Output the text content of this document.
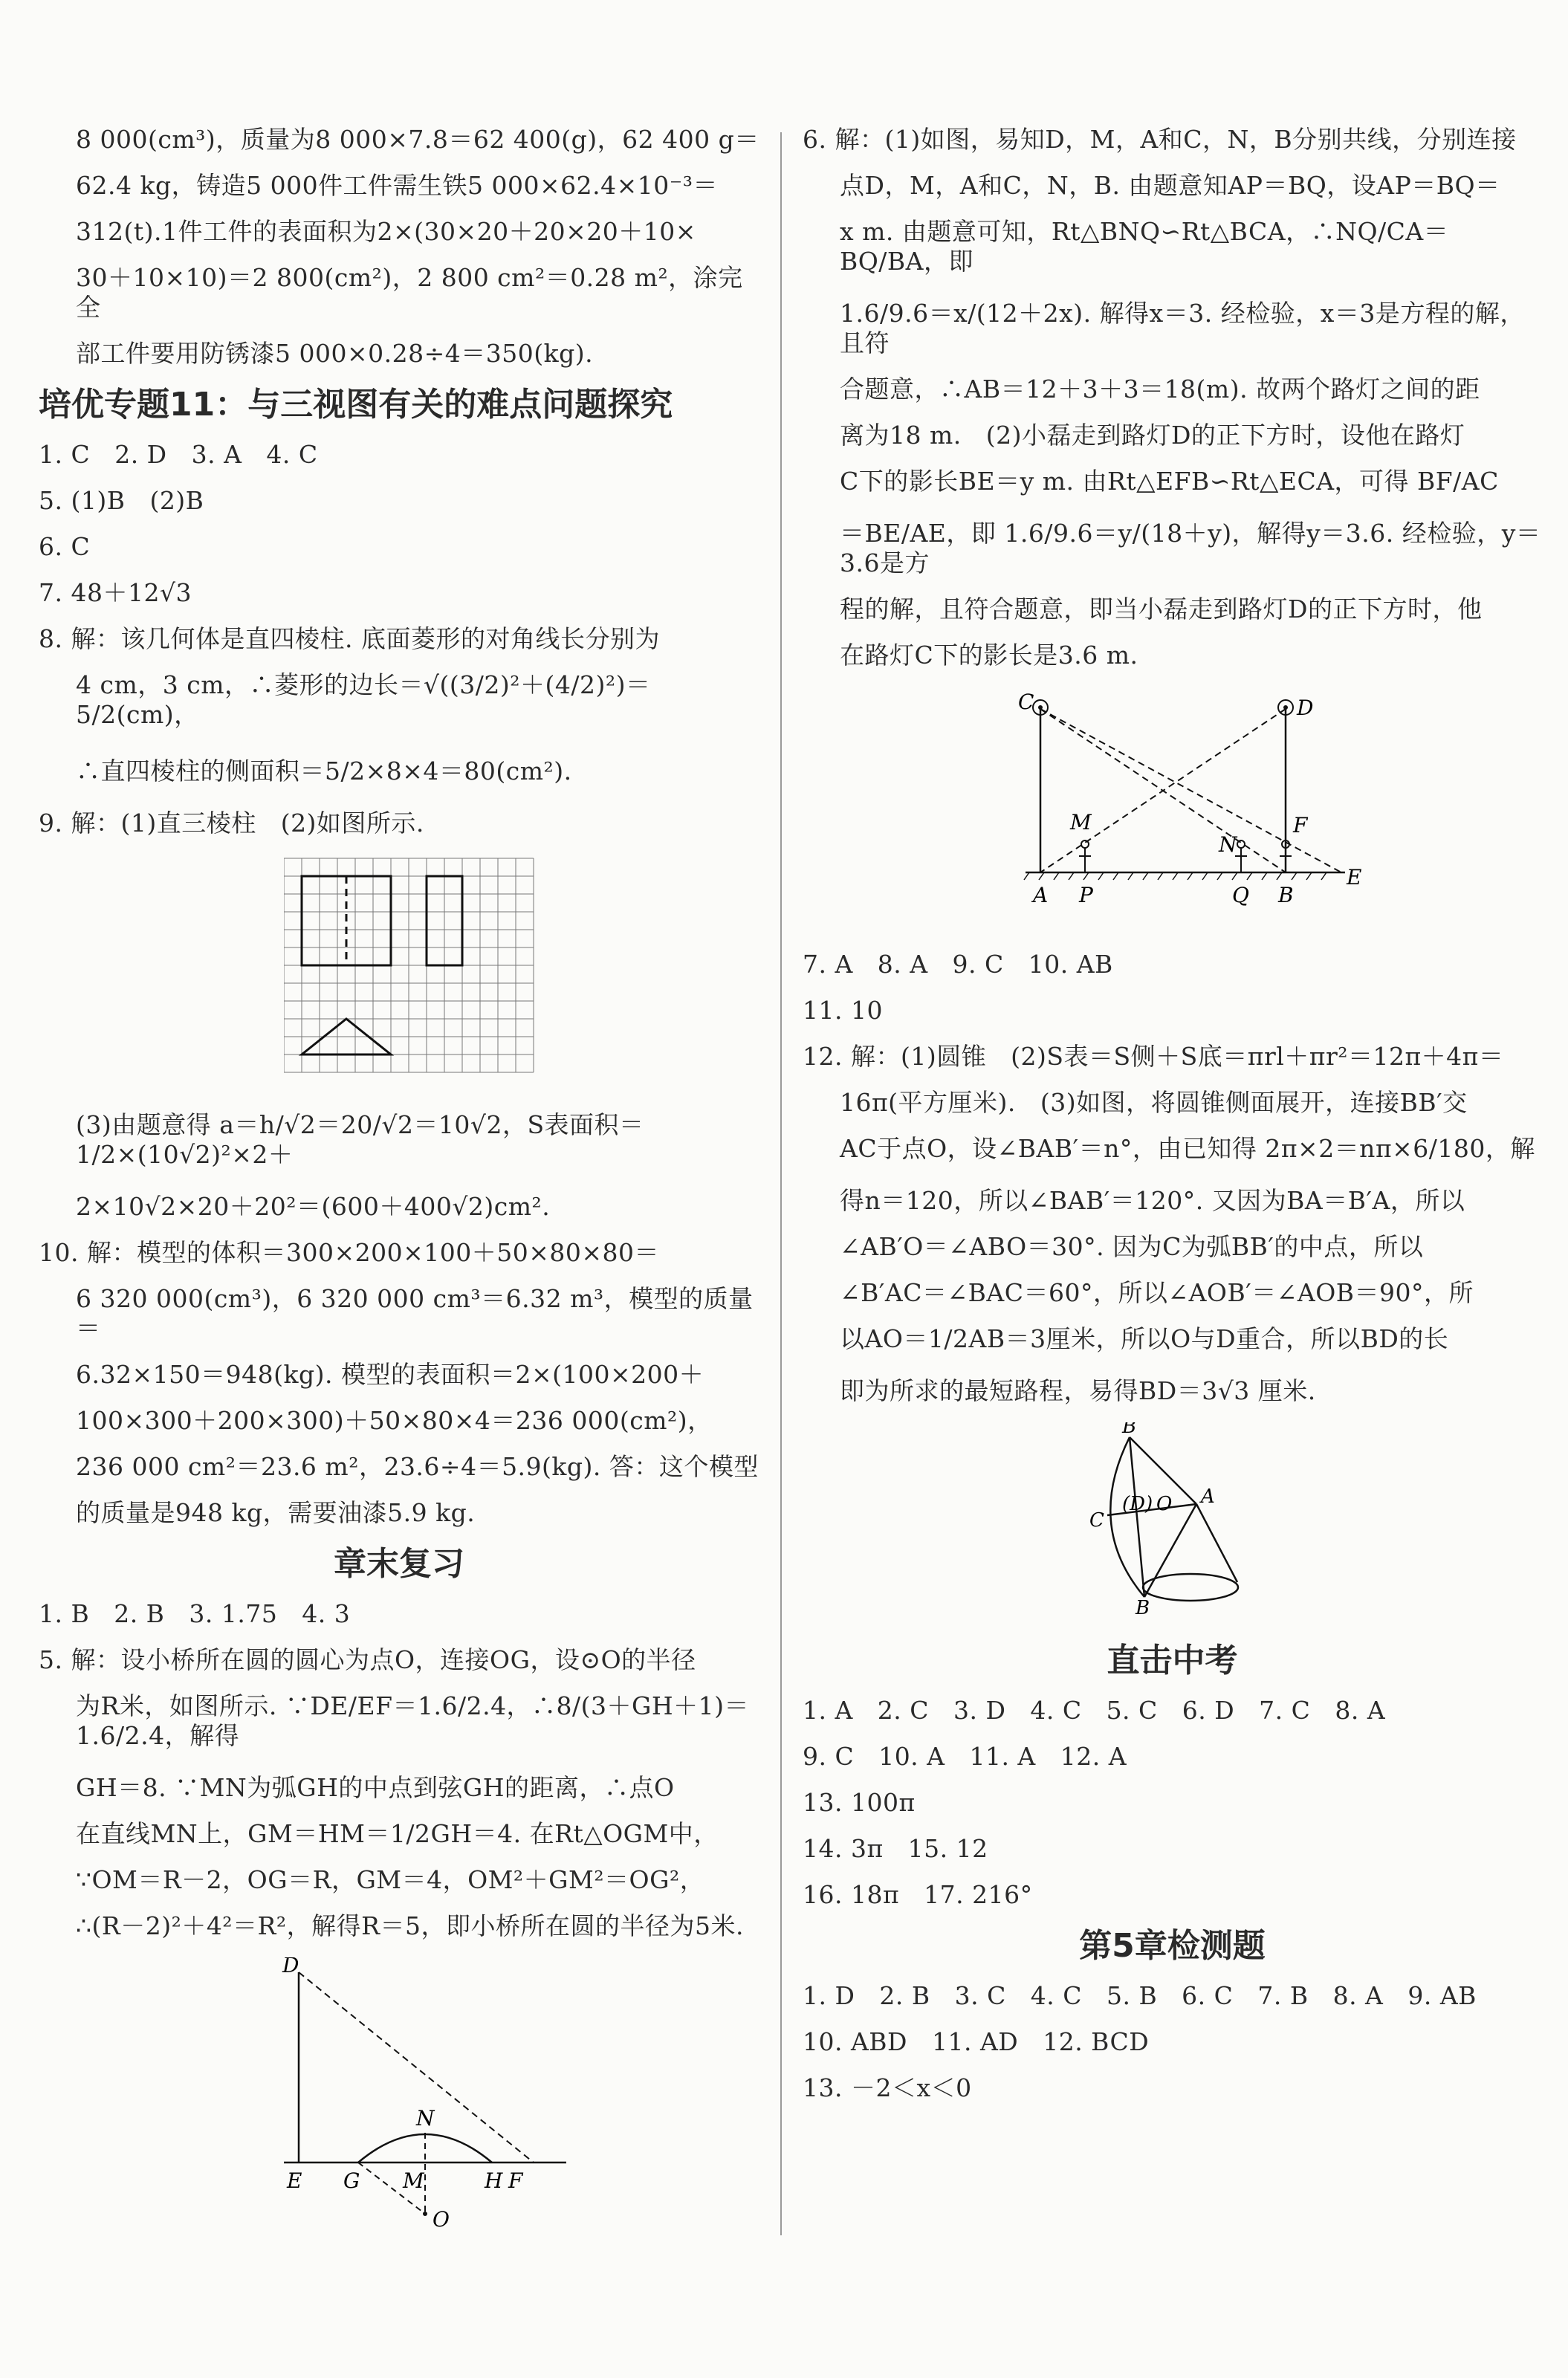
8 000(cm³)，质量为8 000×7.8＝62 400(g)，62 400 g＝

62.4 kg，铸造5 000件工件需生铁5 000×62.4×10⁻³＝

312(t).1件工件的表面积为2×(30×20＋20×20＋10×

30＋10×10)＝2 800(cm²)，2 800 cm²＝0.28 m²，涂完全

部工件要用防锈漆5 000×0.28÷4＝350(kg).

培优专题11：与三视图有关的难点问题探究

1. C   2. D   3. A   4. C

5. (1)B   (2)B

6. C

7. 48＋12√3

8. 解：该几何体是直四棱柱. 底面菱形的对角线长分别为

4 cm，3 cm，∴菱形的边长＝√((3/2)²＋(4/2)²)＝5/2(cm)，

∴直四棱柱的侧面积＝5/2×8×4＝80(cm²).

9. 解：(1)直三棱柱   (2)如图所示.

(3)由题意得 a＝h/√2＝20/√2＝10√2，S表面积＝1/2×(10√2)²×2＋

2×10√2×20＋20²＝(600＋400√2)cm².

10. 解：模型的体积＝300×200×100＋50×80×80＝

6 320 000(cm³)，6 320 000 cm³＝6.32 m³，模型的质量＝

6.32×150＝948(kg). 模型的表面积＝2×(100×200＋

100×300＋200×300)＋50×80×4＝236 000(cm²)，

236 000 cm²＝23.6 m²，23.6÷4＝5.9(kg). 答：这个模型

的质量是948 kg，需要油漆5.9 kg.

章末复习

1. B   2. B   3. 1.75   4. 3

5. 解：设小桥所在圆的圆心为点O，连接OG，设⊙O的半径

为R米，如图所示. ∵DE/EF＝1.6/2.4，∴8/(3＋GH＋1)＝1.6/2.4，解得

GH＝8. ∵MN为弧GH的中点到弦GH的距离，∴点O

在直线MN上，GM＝HM＝1/2GH＝4. 在Rt△OGM中，

∵OM＝R－2，OG＝R，GM＝4，OM²＋GM²＝OG²，

∴(R－2)²＋4²＝R²，解得R＝5，即小桥所在圆的半径为5米.

D
E G M
N
H F
O

6. 解：(1)如图，易知D，M，A和C，N，B分别共线，分别连接

点D，M，A和C，N，B. 由题意知AP＝BQ，设AP＝BQ＝

x m. 由题意可知，Rt△BNQ∽Rt△BCA，∴NQ/CA＝BQ/BA，即

1.6/9.6＝x/(12＋2x). 解得x＝3. 经检验，x＝3是方程的解，且符

合题意，∴AB＝12＋3＋3＝18(m). 故两个路灯之间的距

离为18 m.   (2)小磊走到路灯D的正下方时，设他在路灯

C下的影长BE＝y m. 由Rt△EFB∽Rt△ECA，可得 BF/AC

＝BE/AE，即 1.6/9.6＝y/(18＋y)，解得y＝3.6. 经检验，y＝3.6是方

程的解，且符合题意，即当小磊走到路灯D的正下方时，他

在路灯C下的影长是3.6 m.

C	D
M
N
F
A P	Q B
E

7. A   8. A   9. C   10. AB

11. 10

12. 解：(1)圆锥   (2)S表＝S侧＋S底＝πrl＋πr²＝12π＋4π＝

16π(平方厘米).   (3)如图，将圆锥侧面展开，连接BB′交

AC于点O，设∠BAB′＝n°，由已知得 2π×2＝nπ×6/180，解

得n＝120，所以∠BAB′＝120°. 又因为BA＝B′A，所以

∠AB′O＝∠ABO＝30°. 因为C为弧BB′的中点，所以

∠B′AC＝∠BAC＝60°，所以∠AOB′＝∠AOB＝90°，所

以AO＝1/2AB＝3厘米，所以O与D重合，所以BD的长

即为所求的最短路程，易得BD＝3√3 厘米.

B′
(D) O A
C
B
直击中考

1. A   2. C   3. D   4. C   5. C   6. D   7. C   8. A

9. C   10. A   11. A   12. A

13. 100π

14. 3π   15. 12

16. 18π   17. 216°

第5章检测题

1. D   2. B   3. C   4. C   5. B   6. C   7. B   8. A   9. AB

10. ABD   11. AD   12. BCD

13. －2＜x＜0
